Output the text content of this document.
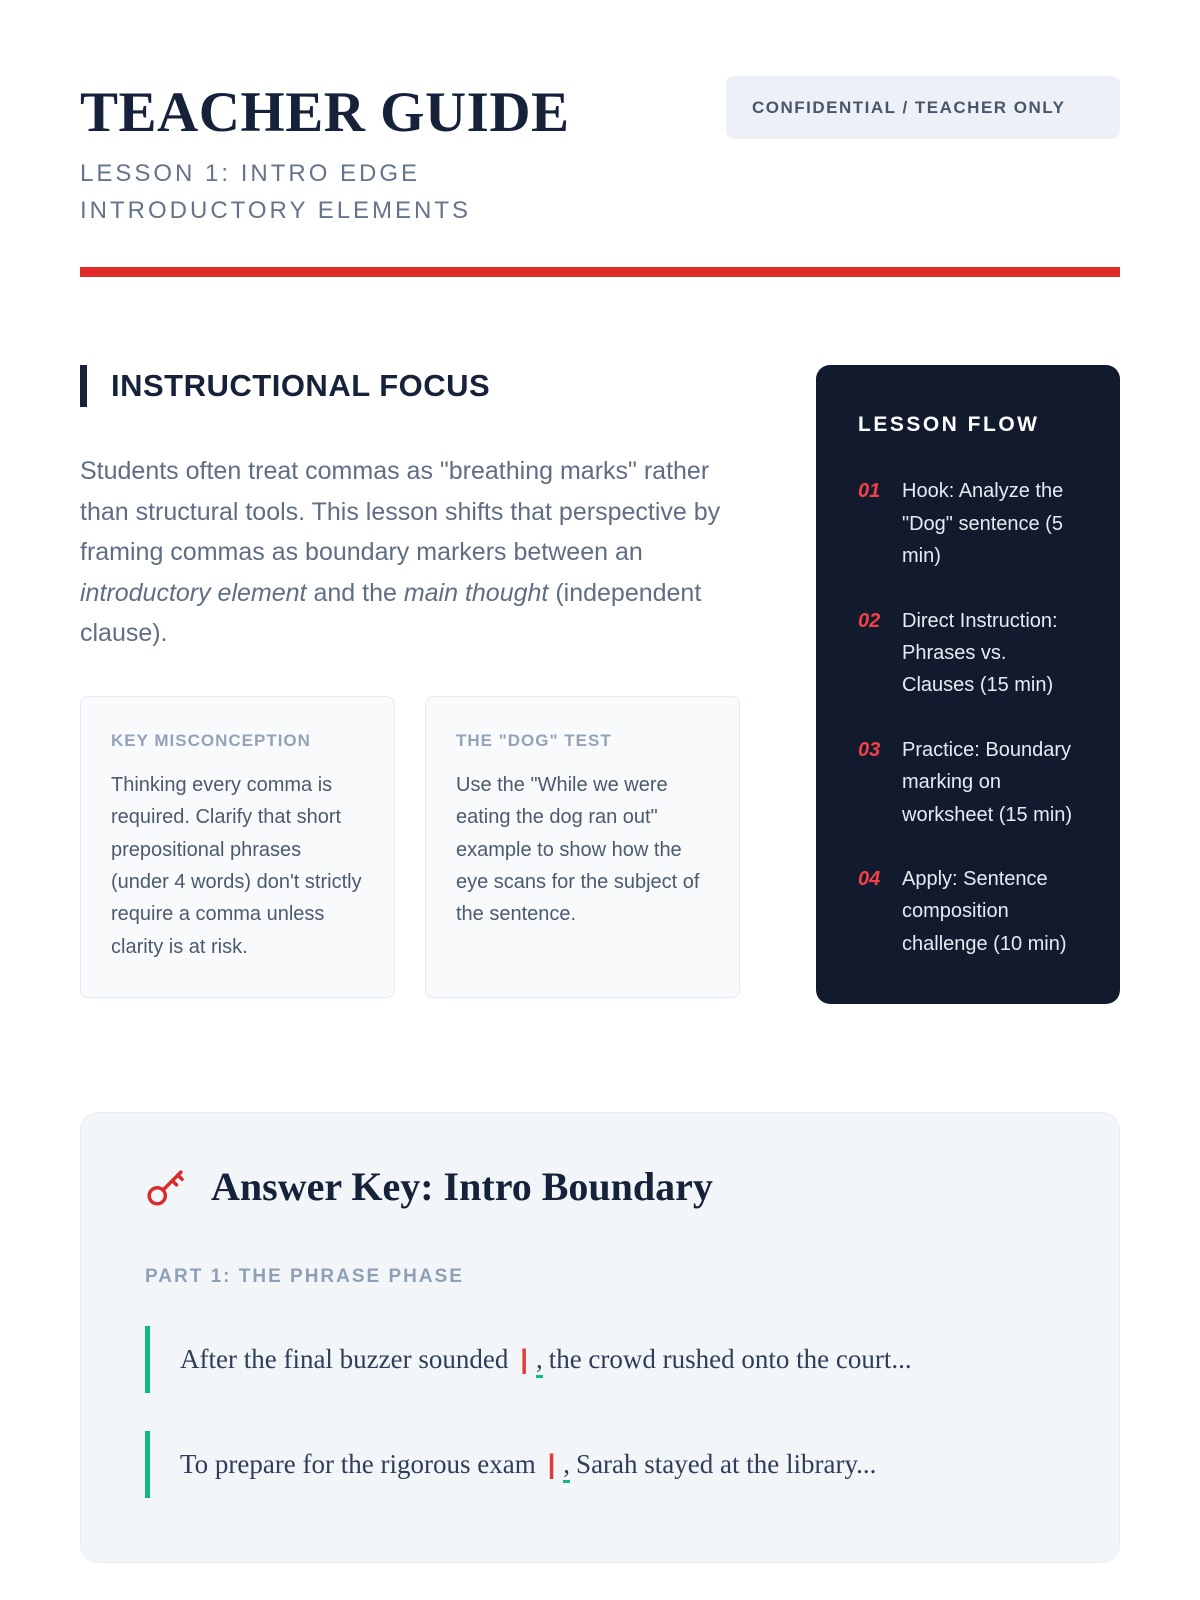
TEACHER GUIDE
LESSON 1: INTRO EDGE INTRODUCTORY ELEMENTS
CONFIDENTIAL / TEACHER ONLY
INSTRUCTIONAL FOCUS

Students often treat commas as "breathing marks" rather than structural tools. This lesson shifts that perspective by framing commas as boundary markers between an introductory element and the main thought (independent clause).

KEY MISCONCEPTION
Thinking every comma is required. Clarify that short prepositional phrases (under 4 words) don't strictly require a comma unless clarity is at risk.
THE "DOG" TEST
Use the "While we were eating the dog ran out" example to show how the eye scans for the subject of the sentence.
LESSON FLOW
01	Hook: Analyze the "Dog" sentence (5 min)
02	Direct Instruction: Phrases vs. Clauses (15 min)
03	Practice: Boundary marking on worksheet (15 min)
04	Apply: Sentence composition challenge (10 min)
Answer Key: Intro Boundary
PART 1: THE PHRASE PHASE
After the final buzzer sounded | , the crowd rushed onto the court...
To prepare for the rigorous exam | , Sarah stayed at the library...
